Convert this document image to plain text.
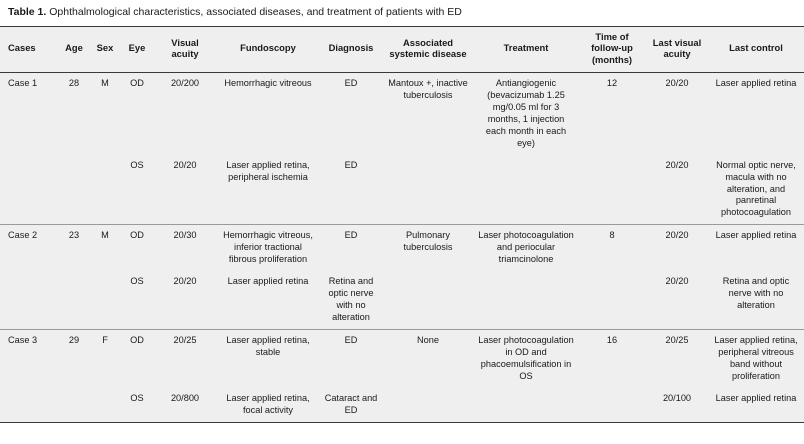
Table 1. Ophthalmological characteristics, associated diseases, and treatment of patients with ED
Cases	Age	Sex	Eye	Visual acuity	Fundoscopy	Diagnosis	Associated systemic disease	Treatment	Time of follow-up (months)	Last visual acuity	Last control
Case 1	28	M	OD	20/200	Hemorrhagic vitreous	ED	Mantoux +, inactive tuberculosis	Antiangiogenic (bevacizumab 1.25 mg/0.05 ml for 3 months, 1 injection each month in each eye)	12	20/20	Laser applied retina
			OS	20/20	Laser applied retina, peripheral ischemia	ED				20/20	Normal optic nerve, macula with no alteration, and panretinal photocoagulation
Case 2	23	M	OD	20/30	Hemorrhagic vitreous, inferior tractional fibrous proliferation	ED	Pulmonary tuberculosis	Laser photocoagulation and periocular triamcinolone	8	20/20	Laser applied retina
			OS	20/20	Laser applied retina	Retina and optic nerve with no alteration				20/20	Retina and optic nerve with no alteration
Case 3	29	F	OD	20/25	Laser applied retina, stable	ED	None	Laser photocoagulation in OD and phacoemulsification in OS	16	20/25	Laser applied retina, peripheral vitreous band without proliferation
			OS	20/800	Laser applied retina, focal activity	Cataract and ED				20/100	Laser applied retina
